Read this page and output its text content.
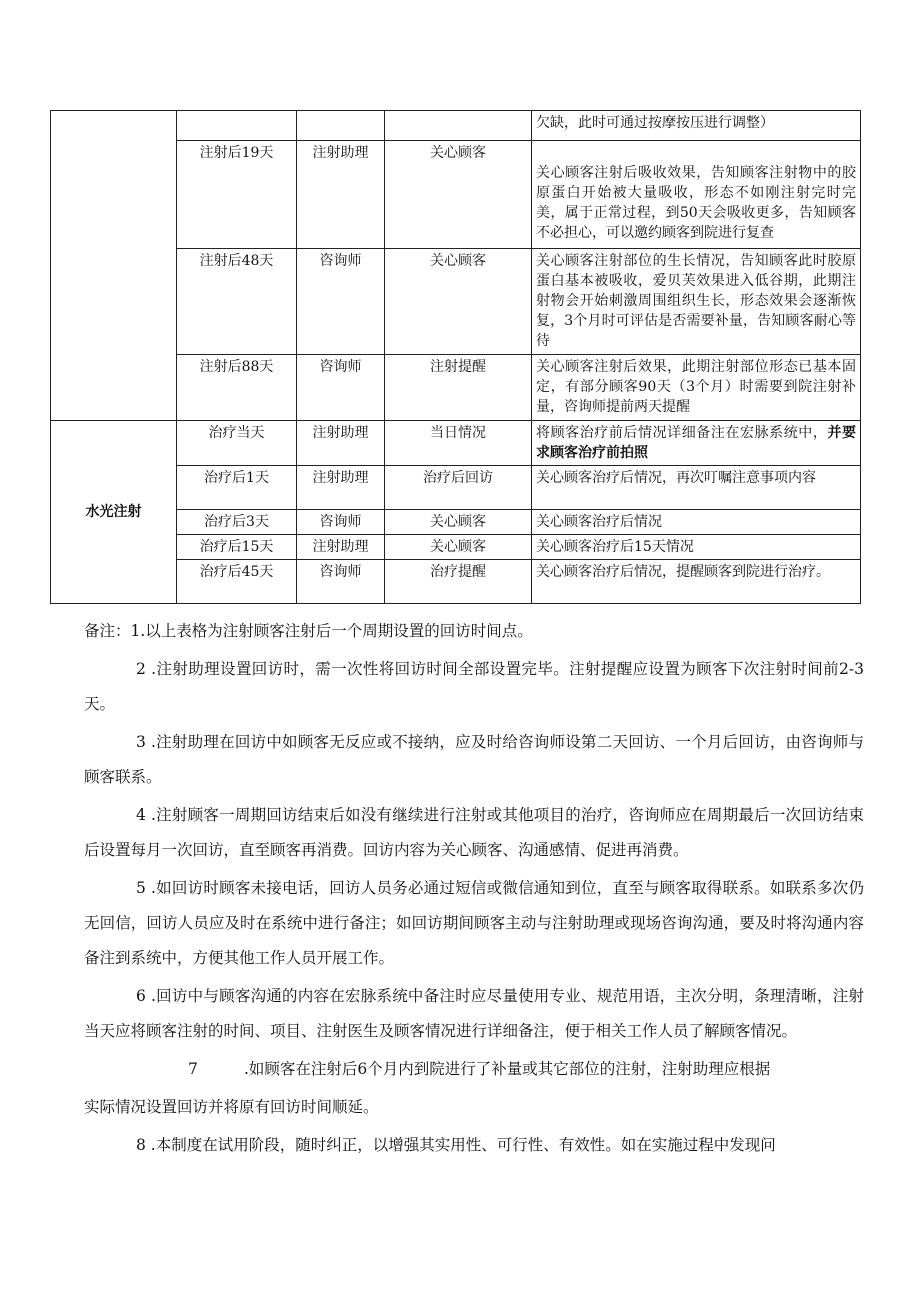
				欠缺，此时可通过按摩按压进行调整）
	注射后19天	注射助理	关心顾客	关心顾客注射后吸收效果，告知顾客注射物中的胶原蛋白开始被大量吸收，形态不如刚注射完时完美，属于正常过程，到50天会吸收更多，告知顾客不必担心，可以邀约顾客到院进行复查
	注射后48天	咨询师	关心顾客	关心顾客注射部位的生长情况，告知顾客此时胶原蛋白基本被吸收，爱贝芙效果进入低谷期，此期注射物会开始刺激周围组织生长，形态效果会逐渐恢复，3个月时可评估是否需要补量，告知顾客耐心等待
	注射后88天	咨询师	注射提醒	关心顾客注射后效果，此期注射部位形态已基本固定，有部分顾客90天（3个月）时需要到院注射补量，咨询师提前两天提醒
水光注射	治疗当天	注射助理	当日情况	将顾客治疗前后情况详细备注在宏脉系统中，并要求顾客治疗前拍照
	治疗后1天	注射助理	治疗后回访	关心顾客治疗后情况，再次叮嘱注意事项内容
	治疗后3天	咨询师	关心顾客	关心顾客治疗后情况
	治疗后15天	注射助理	关心顾客	关心顾客治疗后15天情况
	治疗后45天	咨询师	治疗提醒	关心顾客治疗后情况，提醒顾客到院进行治疗。

备注：1.以上表格为注射顾客注射后一个周期设置的回访时间点。

2 .注射助理设置回访时，需一次性将回访时间全部设置完毕。注射提醒应设置为顾客下次注射时间前2-3天。

3 .注射助理在回访中如顾客无反应或不接纳，应及时给咨询师设第二天回访、一个月后回访，由咨询师与顾客联系。

4 .注射顾客一周期回访结束后如没有继续进行注射或其他项目的治疗，咨询师应在周期最后一次回访结束后设置每月一次回访，直至顾客再消费。回访内容为关心顾客、沟通感情、促进再消费。

5 .如回访时顾客未接电话，回访人员务必通过短信或微信通知到位，直至与顾客取得联系。如联系多次仍无回信，回访人员应及时在系统中进行备注；如回访期间顾客主动与注射助理或现场咨询沟通，要及时将沟通内容备注到系统中，方便其他工作人员开展工作。

6 .回访中与顾客沟通的内容在宏脉系统中备注时应尽量使用专业、规范用语，主次分明，条理清晰，注射当天应将顾客注射的时间、项目、注射医生及顾客情况进行详细备注，便于相关工作人员了解顾客情况。

7	.如顾客在注射后6个月内到院进行了补量或其它部位的注射，注射助理应根据

实际情况设置回访并将原有回访时间顺延。

8 .本制度在试用阶段，随时纠正，以增强其实用性、可行性、有效性。如在实施过程中发现问
